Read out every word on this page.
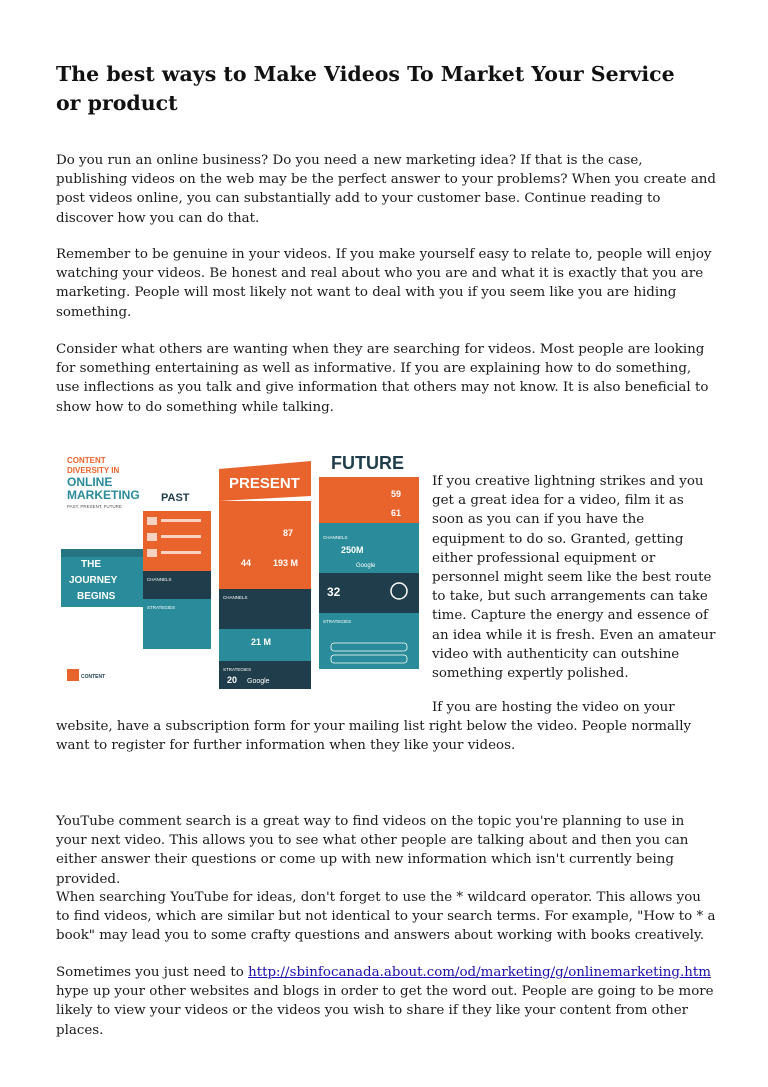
The best ways to Make Videos To Market Your Service or product

Do you run an online business? Do you need a new marketing idea? If that is the case, publishing videos on the web may be the perfect answer to your problems? When you create and post videos online, you can substantially add to your customer base. Continue reading to discover how you can do that.

Remember to be genuine in your videos. If you make yourself easy to relate to, people will enjoy watching your videos. Be honest and real about who you are and what it is exactly that you are marketing. People will most likely not want to deal with you if you seem like you are hiding something.

Consider what others are wanting when they are searching for videos. Most people are looking for something entertaining as well as informative. If you are explaining how to do something, use inflections as you talk and give information that others may not know. It is also beneficial to show how to do something while talking.

CONTENT
DIVERSITY IN
ONLINE
MARKETING
PAST, PRESENT, FUTURE
PAST
PRESENT
87
44 193 M
FUTURE
59
61
CHANNELS
250M
Google
32
STRATEGIES
THE
JOURNEY
BEGINS
CHANNELS
STRATEGIES
CHANNELS
21 M
STRATEGIES
20 Google
CONTENT
If you creative lightning strikes and you get a great idea for a video, film it as soon as you can if you have the equipment to do so. Granted, getting either professional equipment or personnel might seem like the best route to take, but such arrangements can take time. Capture the energy and essence of an idea while it is fresh. Even an amateur video with authenticity can outshine something expertly polished.
If you are hosting the video on your

website, have a subscription form for your mailing list right below the video. People normally want to register for further information when they like your videos.

YouTube comment search is a great way to find videos on the topic you're planning to use in your next video. This allows you to see what other people are talking about and then you can either answer their questions or come up with new information which isn't currently being provided.

When searching YouTube for ideas, don't forget to use the * wildcard operator. This allows you to find videos, which are similar but not identical to your search terms. For example, "How to * a book" may lead you to some crafty questions and answers about working with books creatively.

Sometimes you just need to http://sbinfocanada.about.com/od/marketing/g/onlinemarketing.htm hype up your other websites and blogs in order to get the word out. People are going to be more likely to view your videos or the videos you wish to share if they like your content from other places.
